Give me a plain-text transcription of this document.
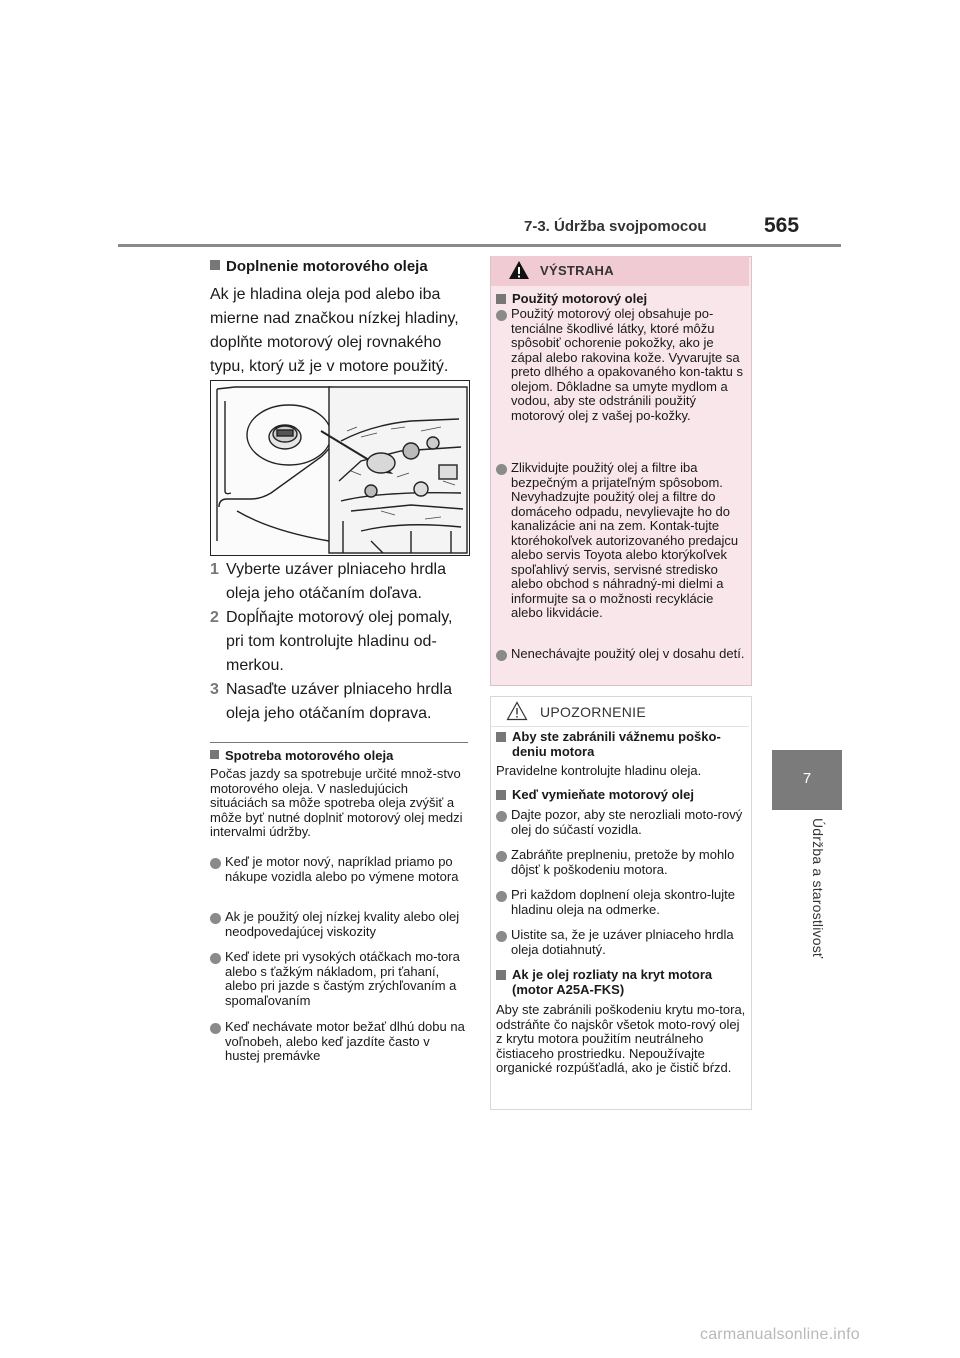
7-3. Údržba svojpomocou	565
7
Údržba a starostlivosť
Doplnenie motorového oleja
Ak je hladina oleja pod alebo iba mierne nad značkou nízkej hladiny, doplňte motorový olej rovnakého typu, ktorý už je v motore použitý.
1 Vyberte uzáver plniaceho hrdla oleja jeho otáčaním doľava.
2 Dopĺňajte motorový olej pomaly, pri tom kontrolujte hladinu od-merkou.
3 Nasaďte uzáver plniaceho hrdla oleja jeho otáčaním doprava.
Spotreba motorového oleja
Počas jazdy sa spotrebuje určité množ-stvo motorového oleja. V nasledujúcich situáciách sa môže spotreba oleja zvýšiť a môže byť nutné doplniť motorový olej medzi intervalmi údržby.
Keď je motor nový, napríklad priamo po nákupe vozidla alebo po výmene motora
Ak je použitý olej nízkej kvality alebo olej neodpovedajúcej viskozity
Keď idete pri vysokých otáčkach mo-tora alebo s ťažkým nákladom, pri ťahaní, alebo pri jazde s častým zrýchľovaním a spomaľovaním
Keď nechávate motor bežať dlhú dobu na voľnobeh, alebo keď jazdíte často v hustej premávke
VÝSTRAHA
Použitý motorový olej
Použitý motorový olej obsahuje po-tenciálne škodlivé látky, ktoré môžu spôsobiť ochorenie pokožky, ako je zápal alebo rakovina kože. Vyvarujte sa preto dlhého a opakovaného kon-taktu s olejom. Dôkladne sa umyte mydlom a vodou, aby ste odstránili použitý motorový olej z vašej po-kožky.
Zlikvidujte použitý olej a filtre iba bezpečným a prijateľným spôsobom. Nevyhadzujte použitý olej a filtre do domáceho odpadu, nevylievajte ho do kanalizácie ani na zem. Kontak-tujte ktoréhokoľvek autorizovaného predajcu alebo servis Toyota alebo ktorýkoľvek spoľahlivý servis, servisné stredisko alebo obchod s náhradný-mi dielmi a informujte sa o možnosti recyklácie alebo likvidácie.
Nenechávajte použitý olej v dosahu detí.
UPOZORNENIE
Aby ste zabránili vážnemu poško-deniu motora
Pravidelne kontrolujte hladinu oleja.
Keď vymieňate motorový olej
Dajte pozor, aby ste nerozliali moto-rový olej do súčastí vozidla.
Zabráňte preplneniu, pretože by mohlo dôjsť k poškodeniu motora.
Pri každom doplnení oleja skontro-lujte hladinu oleja na odmerke.
Uistite sa, že je uzáver plniaceho hrdla oleja dotiahnutý.
Ak je olej rozliaty na kryt motora (motor A25A-FKS)
Aby ste zabránili poškodeniu krytu mo-tora, odstráňte čo najskôr všetok moto-rový olej z krytu motora použitím neutrálneho čistiaceho prostriedku. Nepoužívajte organické rozpúšťadlá, ako je čistič bŕzd.
carmanualsonline.info
